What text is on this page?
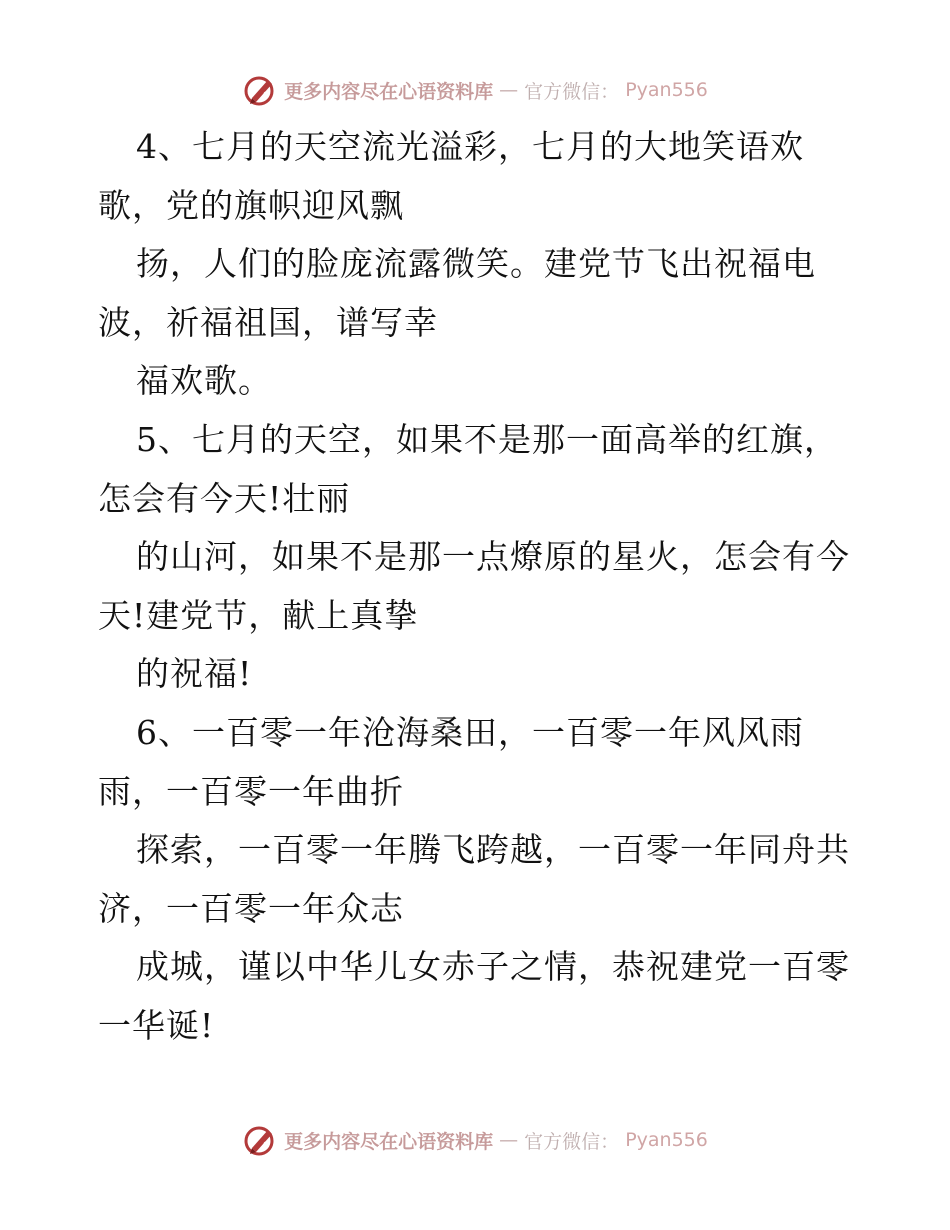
更多内容尽在心语资料库 — 官方微信： Pyan556
4、七月的天空流光溢彩，七月的大地笑语欢
歌，党的旗帜迎风飘
扬，人们的脸庞流露微笑。建党节飞出祝福电
波，祈福祖国，谱写幸
福欢歌。
5、七月的天空，如果不是那一面高举的红旗，
怎会有今天!壮丽
的山河，如果不是那一点燎原的星火，怎会有今
天!建党节，献上真挚
的祝福!
6、一百零一年沧海桑田，一百零一年风风雨
雨，一百零一年曲折
探索，一百零一年腾飞跨越，一百零一年同舟共
济，一百零一年众志
成城，谨以中华儿女赤子之情，恭祝建党一百零
一华诞!
更多内容尽在心语资料库 — 官方微信： Pyan556
